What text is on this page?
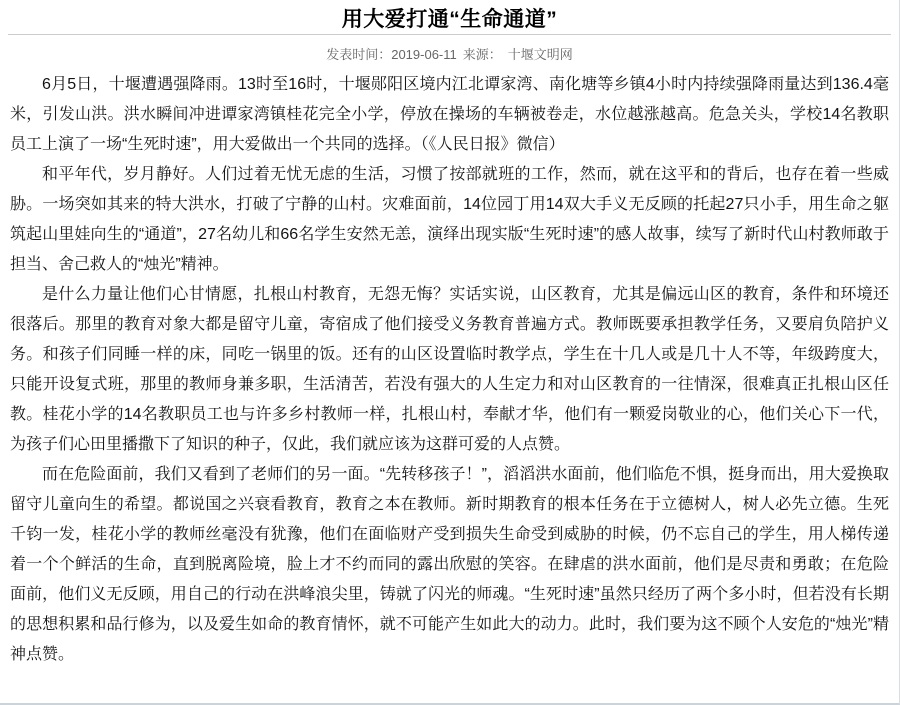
用大爱打通“生命通道”
发表时间：2019-06-11 来源： 十堰文明网

6月5日，十堰遭遇强降雨。13时至16时，十堰郧阳区境内江北谭家湾、南化塘等乡镇4小时内持续强降雨量达到136.4毫米，引发山洪。洪水瞬间冲进谭家湾镇桂花完全小学，停放在操场的车辆被卷走，水位越涨越高。危急关头，学校14名教职员工上演了一场“生死时速”，用大爱做出一个共同的选择。（《人民日报》微信）

和平年代，岁月静好。人们过着无忧无虑的生活，习惯了按部就班的工作，然而，就在这平和的背后，也存在着一些威胁。一场突如其来的特大洪水，打破了宁静的山村。灾难面前，14位园丁用14双大手义无反顾的托起27只小手，用生命之躯筑起山里娃向生的“通道”，27名幼儿和66名学生安然无恙，演绎出现实版“生死时速”的感人故事，续写了新时代山村教师敢于担当、舍己救人的“烛光”精神。

是什么力量让他们心甘情愿，扎根山村教育，无怨无悔？实话实说，山区教育，尤其是偏远山区的教育，条件和环境还很落后。那里的教育对象大都是留守儿童，寄宿成了他们接受义务教育普遍方式。教师既要承担教学任务，又要肩负陪护义务。和孩子们同睡一样的床，同吃一锅里的饭。还有的山区设置临时教学点，学生在十几人或是几十人不等，年级跨度大，只能开设复式班，那里的教师身兼多职，生活清苦，若没有强大的人生定力和对山区教育的一往情深，很难真正扎根山区任教。桂花小学的14名教职员工也与许多乡村教师一样，扎根山村，奉献才华，他们有一颗爱岗敬业的心，他们关心下一代，为孩子们心田里播撒下了知识的种子，仅此，我们就应该为这群可爱的人点赞。

而在危险面前，我们又看到了老师们的另一面。“先转移孩子！”，滔滔洪水面前，他们临危不惧，挺身而出，用大爱换取留守儿童向生的希望。都说国之兴衰看教育，教育之本在教师。新时期教育的根本任务在于立德树人，树人必先立德。生死千钧一发，桂花小学的教师丝毫没有犹豫，他们在面临财产受到损失生命受到威胁的时候，仍不忘自己的学生，用人梯传递着一个个鲜活的生命，直到脱离险境，脸上才不约而同的露出欣慰的笑容。在肆虐的洪水面前，他们是尽责和勇敢；在危险面前，他们义无反顾，用自己的行动在洪峰浪尖里，铸就了闪光的师魂。“生死时速”虽然只经历了两个多小时，但若没有长期的思想积累和品行修为，以及爱生如命的教育情怀，就不可能产生如此大的动力。此时，我们要为这不顾个人安危的“烛光”精神点赞。
